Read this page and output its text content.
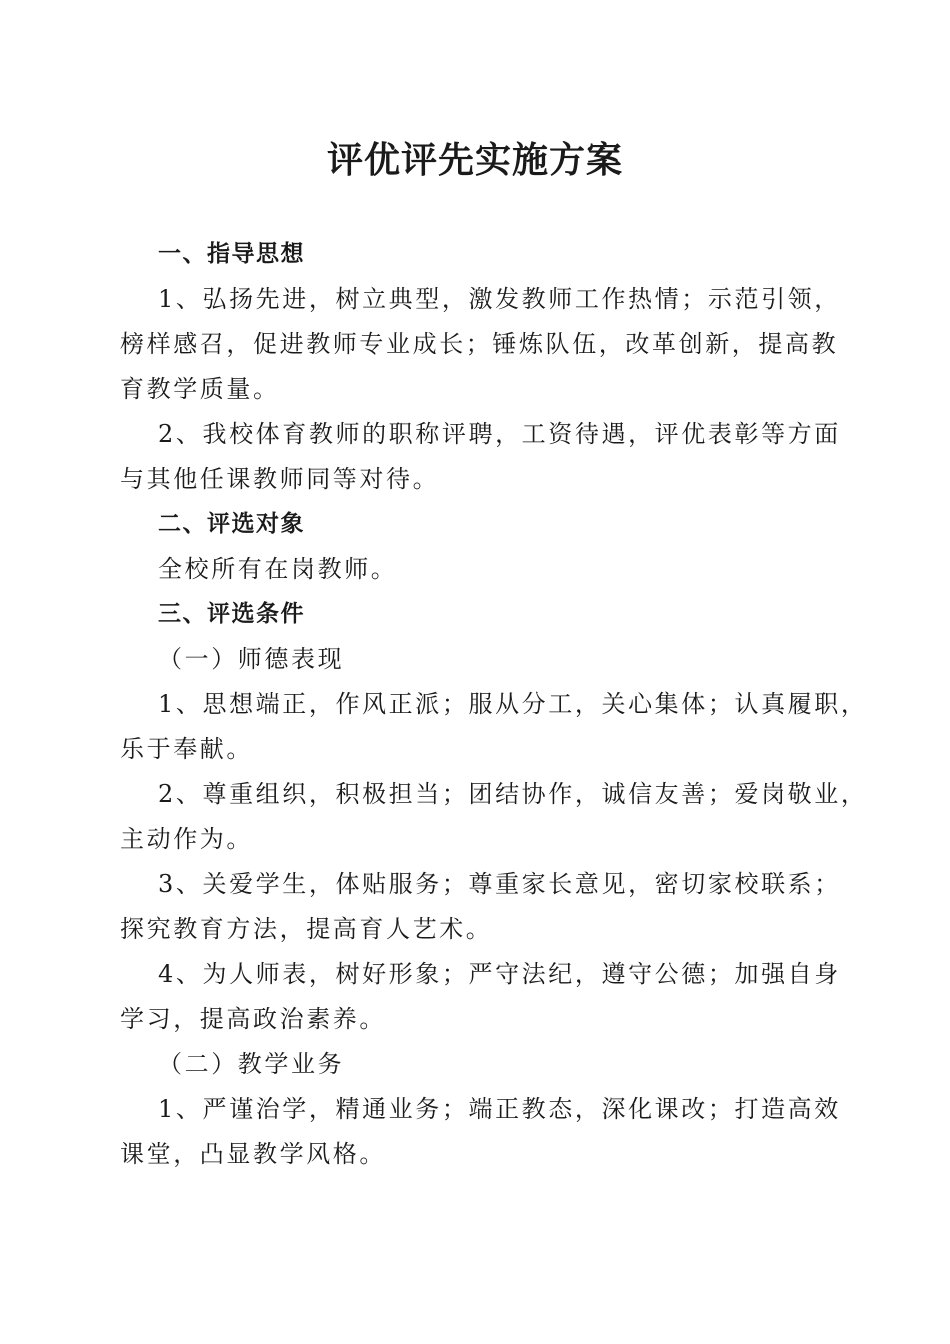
评优评先实施方案

一、指导思想

1、弘扬先进，树立典型，激发教师工作热情；示范引领，

榜样感召，促进教师专业成长；锤炼队伍，改革创新，提高教

育教学质量。

2、我校体育教师的职称评聘，工资待遇，评优表彰等方面

与其他任课教师同等对待。

二、评选对象

全校所有在岗教师。

三、评选条件

（一）师德表现

1、思想端正，作风正派；服从分工，关心集体；认真履职，

乐于奉献。

2、尊重组织，积极担当；团结协作，诚信友善；爱岗敬业，

主动作为。

3、关爱学生，体贴服务；尊重家长意见，密切家校联系；

探究教育方法，提高育人艺术。

4、为人师表，树好形象；严守法纪，遵守公德；加强自身

学习，提高政治素养。

（二）教学业务

1、严谨治学，精通业务；端正教态，深化课改；打造高效

课堂，凸显教学风格。
